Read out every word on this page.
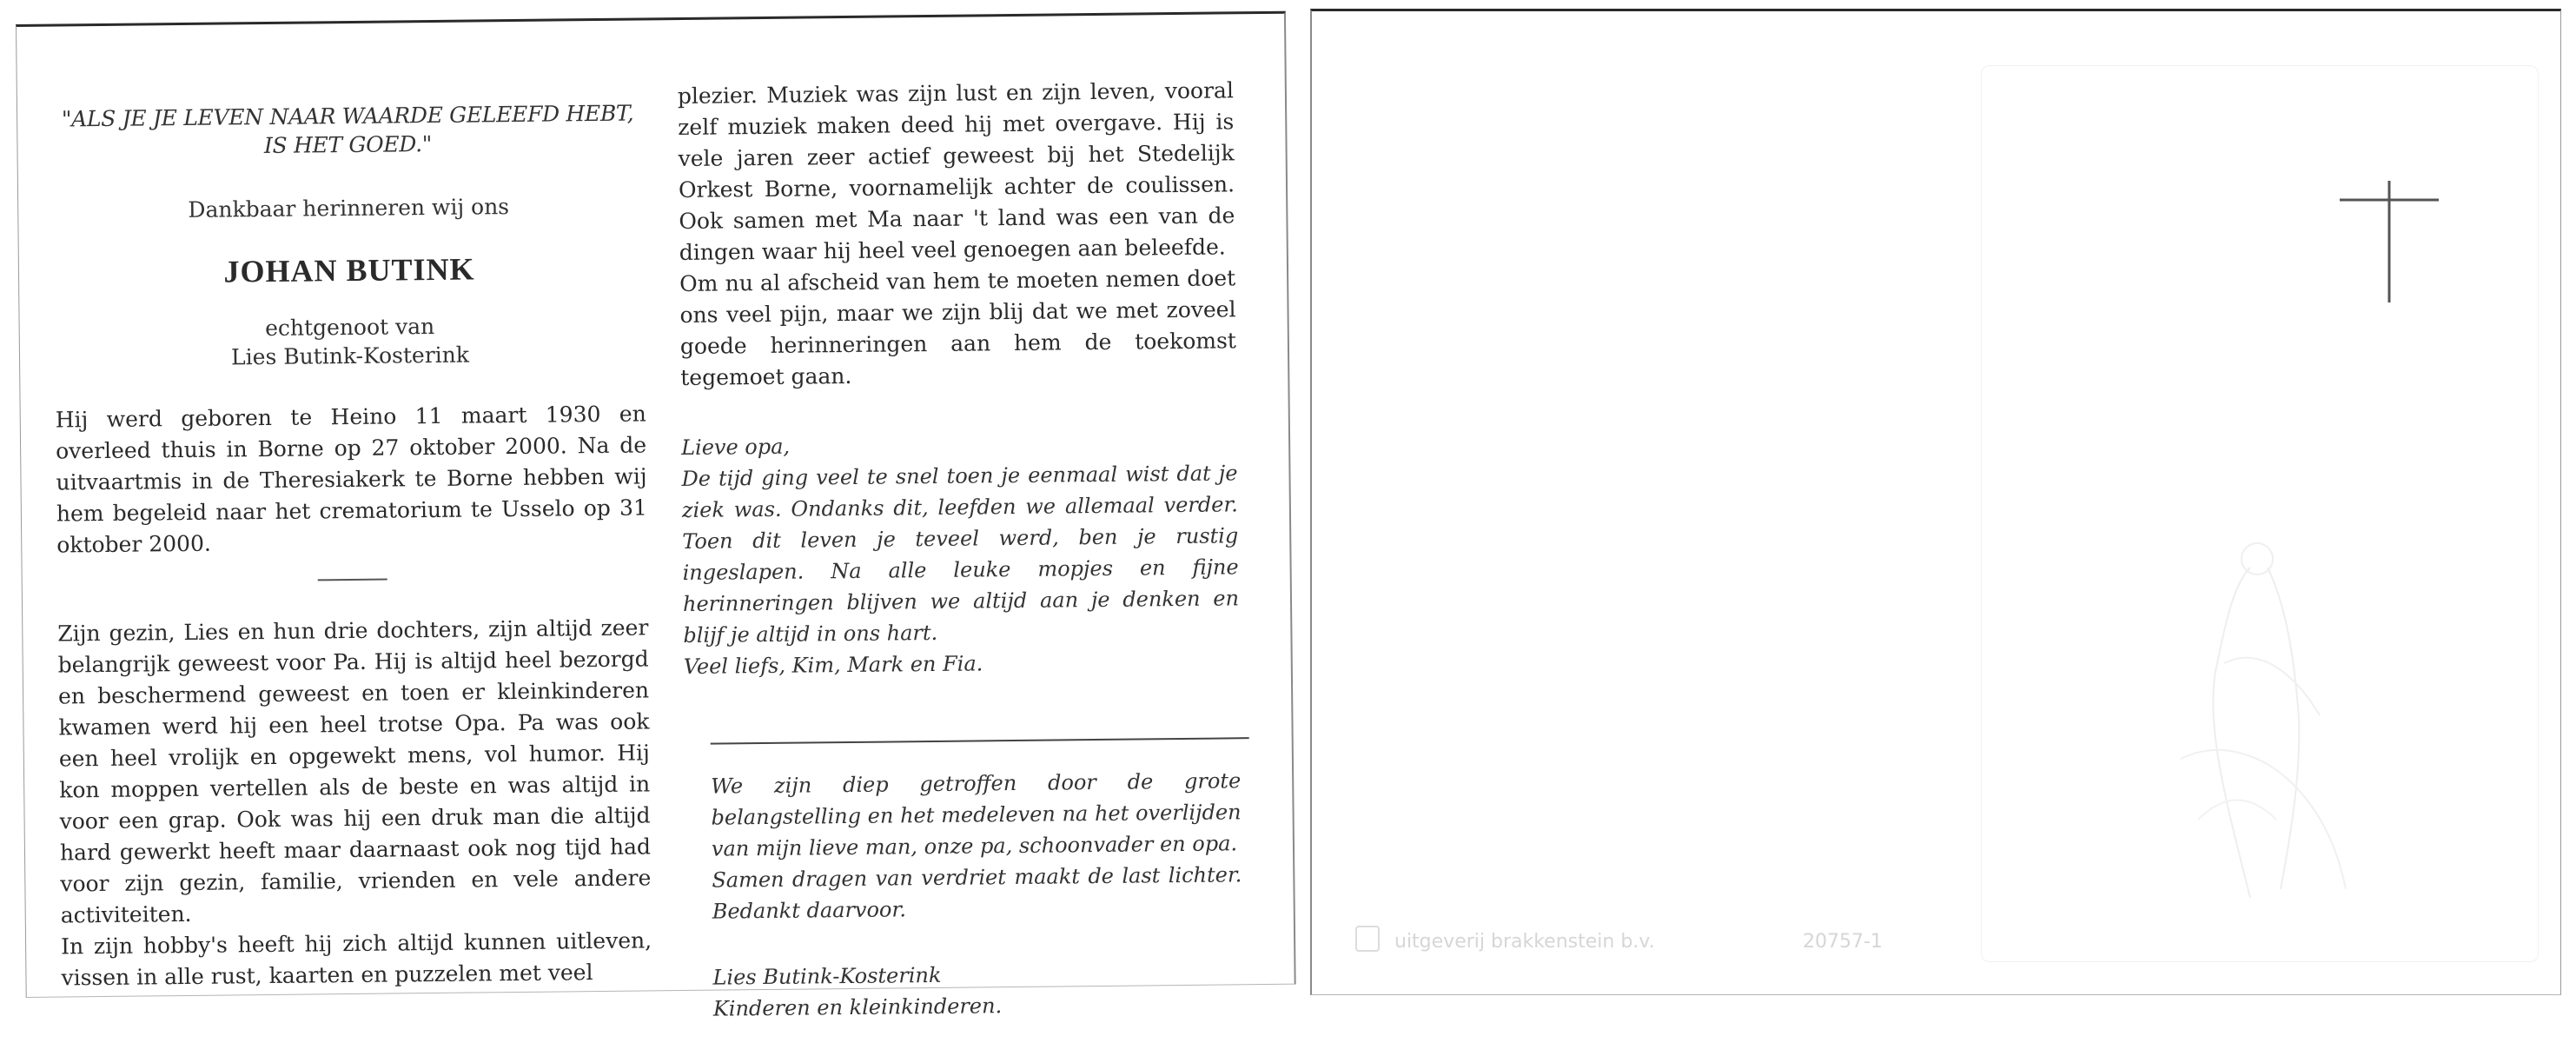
"ALS JE JE LEVEN NAAR WAARDE GELEEFD HEBT,
IS HET GOED."
Dankbaar herinneren wij ons
JOHAN BUTINK
echtgenoot van
Lies Butink-Kosterink
Hij werd geboren te Heino 11 maart 1930 en overleed thuis in Borne op 27 oktober 2000. Na de uitvaartmis in de Theresiakerk te Borne hebben wij hem begeleid naar het crematorium te Usselo op 31 oktober 2000.

Zijn gezin, Lies en hun drie dochters, zijn altijd zeer belangrijk geweest voor Pa. Hij is altijd heel bezorgd en beschermend geweest en toen er kleinkinderen kwamen werd hij een heel trotse Opa. Pa was ook een heel vrolijk en opgewekt mens, vol humor. Hij kon moppen vertellen als de beste en was altijd in voor een grap. Ook was hij een druk man die altijd hard gewerkt heeft maar daarnaast ook nog tijd had voor zijn gezin, familie, vrienden en vele andere activiteiten.

In zijn hobby's heeft hij zich altijd kunnen uitleven, vissen in alle rust, kaarten en puzzelen met veel

plezier. Muziek was zijn lust en zijn leven, vooral zelf muziek maken deed hij met overgave. Hij is vele jaren zeer actief geweest bij het Stedelijk Orkest Borne, voornamelijk achter de coulissen. Ook samen met Ma naar 't land was een van de dingen waar hij heel veel genoegen aan beleefde.

Om nu al afscheid van hem te moeten nemen doet ons veel pijn, maar we zijn blij dat we met zoveel goede herinneringen aan hem de toekomst tegemoet gaan.

Lieve opa,
De tijd ging veel te snel toen je eenmaal wist dat je ziek was. Ondanks dit, leefden we allemaal verder. Toen dit leven je teveel werd, ben je rustig ingeslapen. Na alle leuke mopjes en fijne herinneringen blijven we altijd aan je denken en blijf je altijd in ons hart.
Veel liefs, Kim, Mark en Fia.
We zijn diep getroffen door de grote belangstelling en het medeleven na het overlijden van mijn lieve man, onze pa, schoonvader en opa.
Samen dragen van verdriet maakt de last lichter. Bedankt daarvoor.
Lies Butink-Kosterink
Kinderen en kleinkinderen.
uitgeverij brakkenstein b.v.	20757-1
